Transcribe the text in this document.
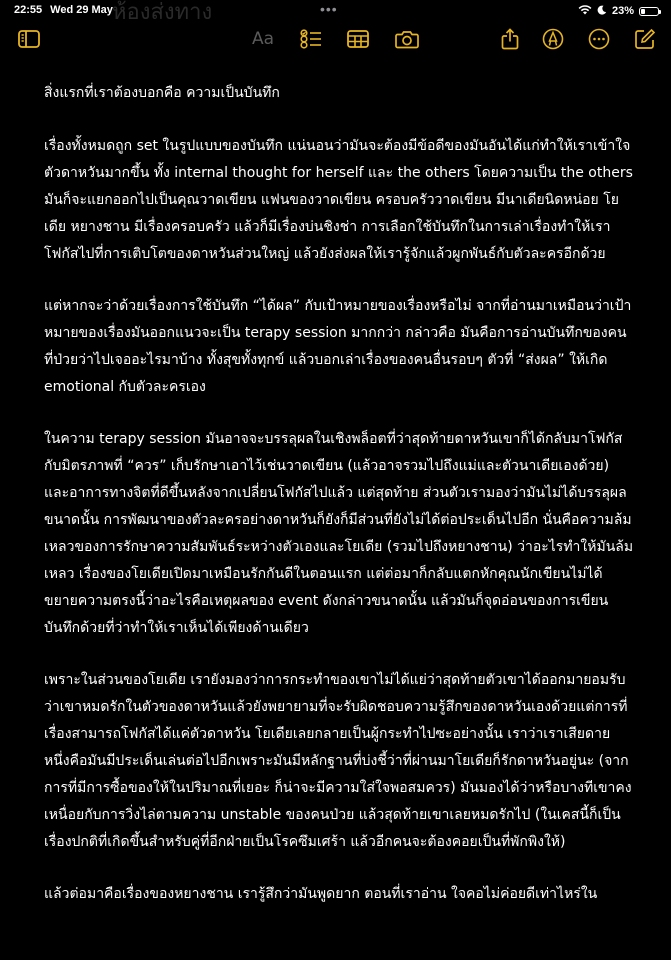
22:55 Wed 29 May	•••	23%
ห้องส่งทาง
Aa

สิ่งแรกที่เราต้องบอกคือ ความเป็นบันทึก

เรื่องทั้งหมดถูก set ในรูปแบบของบันทึก แน่นอนว่ามันจะต้องมีข้อดีของมันอันได้แก่ทำให้เราเข้าใจตัวดาหวันมากขึ้น ทั้ง internal thought for herself และ the others โดยความเป็น the others มันก็จะแยกออกไปเป็นคุณวาดเขียน แฟนของวาดเขียน ครอบครัววาดเขียน มีนาเดียนิดหน่อย โยเดีย หยางชาน มีเรื่องครอบครัว แล้วก็มีเรื่องบ่นชิงช่า การเลือกใช้บันทึกในการเล่าเรื่องทำให้เราโฟกัสไปที่การเติบโตของดาหวันส่วนใหญ่ แล้วยังส่งผลให้เรารู้จักแล้วผูกพันธ์กับตัวละครอีกด้วย

แต่หากจะว่าด้วยเรื่องการใช้บันทึก “ได้ผล” กับเป้าหมายของเรื่องหรือไม่ จากที่อ่านมาเหมือนว่าเป้าหมายของเรื่องมันออกแนวจะเป็น terapy session มากกว่า กล่าวคือ มันคือการอ่านบันทึกของคนที่ป่วยว่าไปเจออะไรมาบ้าง ทั้งสุขทั้งทุกข์ แล้วบอกเล่าเรื่องของคนอื่นรอบๆ ตัวที่ “ส่งผล” ให้เกิด emotional กับตัวละครเอง

ในความ terapy session มันอาจจะบรรลุผลในเชิงพล็อตที่ว่าสุดท้ายดาหวันเขาก็ได้กลับมาโฟกัสกับมิตรภาพที่ “ควร” เก็บรักษาเอาไว้เช่นวาดเขียน (แล้วอาจรวมไปถึงแม่และตัวนาเดียเองด้วย) และอาการทางจิตที่ดีขึ้นหลังจากเปลี่ยนโฟกัสไปแล้ว แต่สุดท้าย ส่วนตัวเรามองว่ามันไม่ได้บรรลุผลขนาดนั้น การพัฒนาของตัวละครอย่างดาหวันก็ยังก็มีส่วนที่ยังไม่ได้ต่อประเด็นไปอีก นั่นคือความล้มเหลวของการรักษาความสัมพันธ์ระหว่างตัวเองและโยเดีย (รวมไปถึงหยางชาน) ว่าอะไรทำให้มันล้มเหลว เรื่องของโยเดียเปิดมาเหมือนรักกันดีในตอนแรก แต่ต่อมาก็กลับแตกหักคุณนักเขียนไม่ได้ขยายความตรงนี้ว่าอะไรคือเหตุผลของ event ดังกล่าวขนาดนั้น แล้วมันก็จุดอ่อนของการเขียนบันทึกด้วยที่ว่าทำให้เราเห็นได้เพียงด้านเดียว

เพราะในส่วนของโยเดีย เรายังมองว่าการกระทำของเขาไม่ได้แย่ว่าสุดท้ายตัวเขาได้ออกมายอมรับว่าเขาหมดรักในตัวของดาหวันแล้วยังพยายามที่จะรับผิดชอบความรู้สึกของดาหวันเองด้วยแต่การที่เรื่องสามารถโฟกัสได้แค่ตัวดาหวัน โยเดียเลยกลายเป็นผู้กระทำไปซะอย่างนั้น เราว่าเราเสียดาย หนึ่งคือมันมีประเด็นเล่นต่อไปอีกเพราะมันมีหลักฐานที่บ่งชี้ว่าที่ผ่านมาโยเดียก็รักดาหวันอยู่นะ (จากการที่มีการซื้อของให้ในปริมาณที่เยอะ ก็น่าจะมีความใส่ใจพอสมควร) มันมองได้ว่าหรือบางทีเขาคงเหนื่อยกับการวิ่งไล่ตามความ unstable ของคนป่วย แล้วสุดท้ายเขาเลยหมดรักไป (ในเคสนี้ก็เป็นเรื่องปกติที่เกิดขึ้นสำหรับคู่ที่อีกฝ่ายเป็นโรคซึมเศร้า แล้วอีกคนจะต้องคอยเป็นที่พักพิงให้)

แล้วต่อมาคือเรื่องของหยางชาน เรารู้สึกว่ามันพูดยาก ตอนที่เราอ่าน ใจคอไม่ค่อยดีเท่าไหร่ใน
